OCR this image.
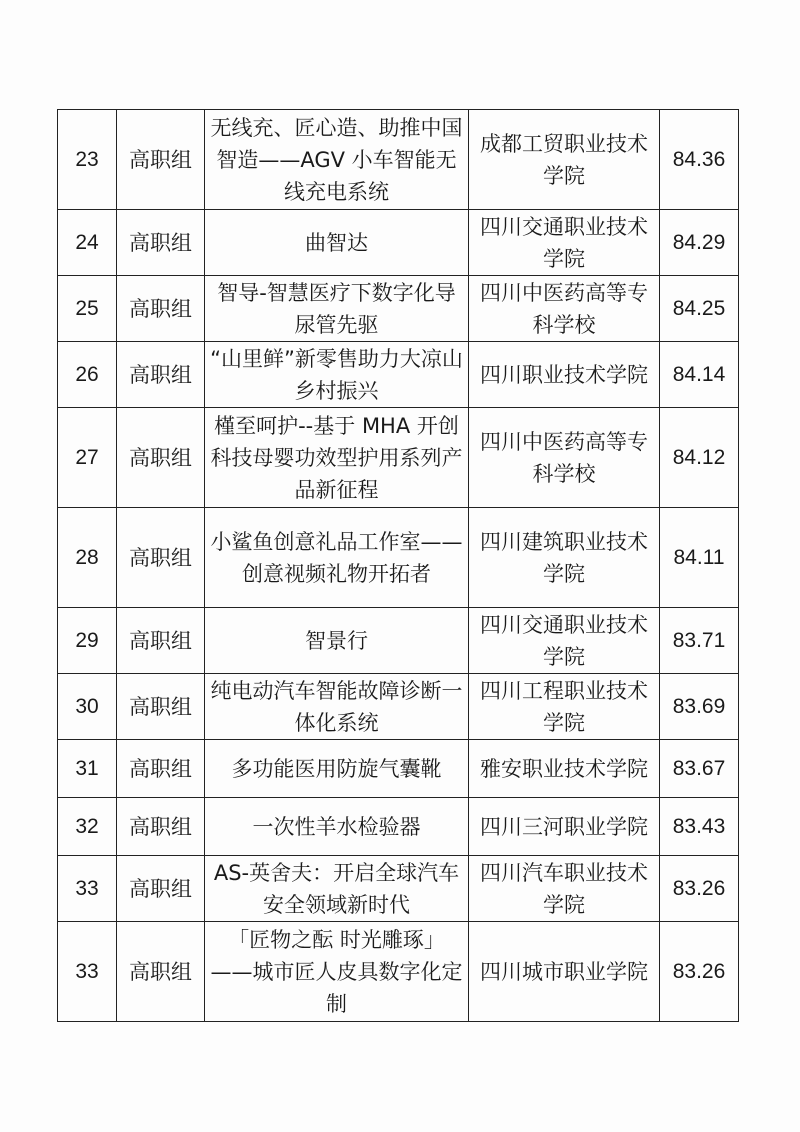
23	高职组	无线充、匠心造、助推中国智造——AGV 小车智能无线充电系统	成都工贸职业技术学院	84.36
24	高职组	曲智达	四川交通职业技术学院	84.29
25	高职组	智导-智慧医疗下数字化导尿管先驱	四川中医药高等专科学校	84.25
26	高职组	“山里鲜”新零售助力大凉山乡村振兴	四川职业技术学院	84.14
27	高职组	槿至呵护--基于 MHA 开创科技母婴功效型护用系列产品新征程	四川中医药高等专科学校	84.12
28	高职组	小鲨鱼创意礼品工作室——创意视频礼物开拓者	四川建筑职业技术学院	84.11
29	高职组	智景行	四川交通职业技术学院	83.71
30	高职组	纯电动汽车智能故障诊断一体化系统	四川工程职业技术学院	83.69
31	高职组	多功能医用防旋气囊靴	雅安职业技术学院	83.67
32	高职组	一次性羊水检验器	四川三河职业学院	83.43
33	高职组	AS-英舍夫：开启全球汽车安全领域新时代	四川汽车职业技术学院	83.26
33	高职组	「匠物之酝 时光雕琢」——城市匠人皮具数字化定制	四川城市职业学院	83.26
